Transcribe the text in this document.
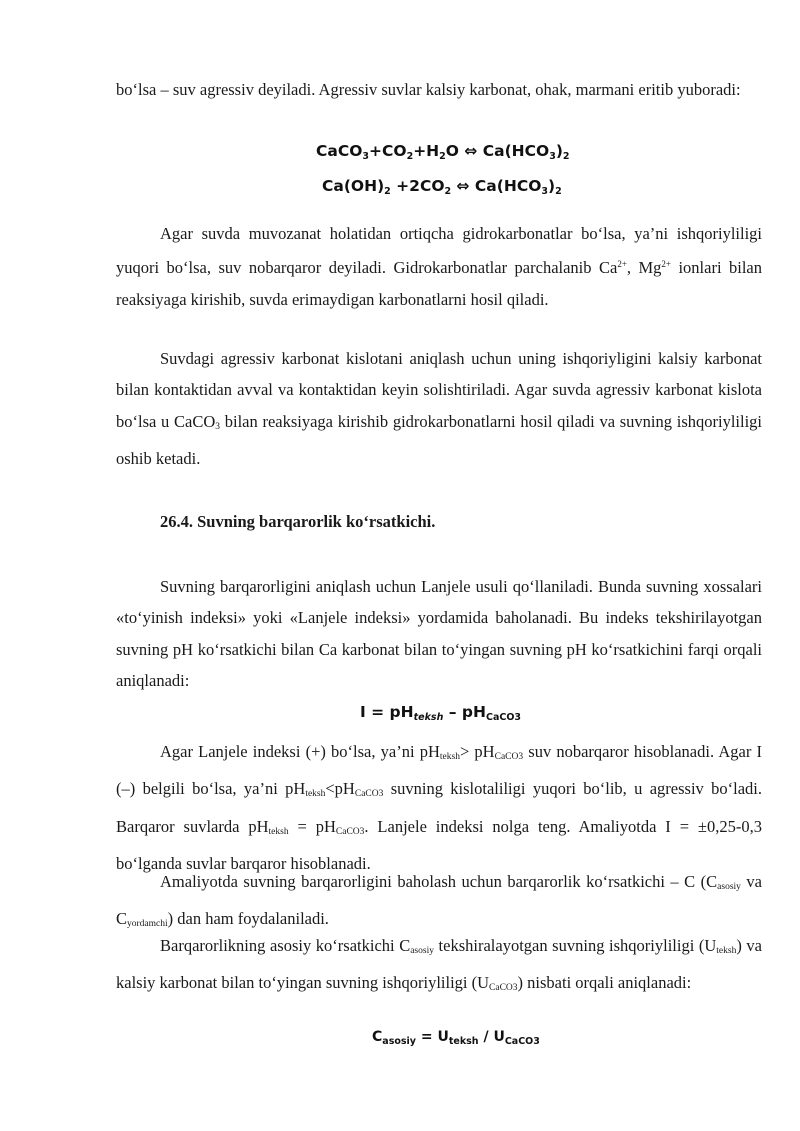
bo‘lsa – suv agressiv deyiladi. Agressiv suvlar kalsiy karbonat, ohak, marmani eritib yuboradi:

$CaCO_3+CO_2+H_2O$ ⇔ $Ca(HCO_3)_2$
$Ca(OH)_2 +2CO_2$ ⇔ $Ca(HCO_3)_2$

Agar suvda muvozanat holatidan ortiqcha gidrokarbonatlar bo‘lsa, ya’ni ishqoriyliligi yuqori bo‘lsa, suv nobarqaror deyiladi. Gidrokarbonatlar parchalanib $Ca^{2+}$, $Mg^{2+}$ ionlari bilan reaksiyaga kirishib, suvda erimaydigan karbonatlarni hosil qiladi.

Suvdagi agressiv karbonat kislotani aniqlash uchun uning ishqoriyligini kalsiy karbonat bilan kontaktidan avval va kontaktidan keyin solishtiriladi. Agar suvda agressiv karbonat kislota bo‘lsa u CaCO$_3$ bilan reaksiyaga kirishib gidrokarbonatlarni hosil qiladi va suvning ishqoriyliligi oshib ketadi.

26.4. Suvning barqarorlik ko‘rsatkichi.

Suvning barqarorligini aniqlash uchun Lanjele usuli qo‘llaniladi. Bunda suvning xossalari «to‘yinish indeksi» yoki «Lanjele indeksi» yordamida baholanadi. Bu indeks tekshirilayotgan suvning pH ko‘rsatkichi bilan Ca karbonat bilan to‘yingan suvning pH ko‘rsatkichini farqi orqali aniqlanadi:

$I = pH_{teksh} - pH_{CaCO3}$

Agar Lanjele indeksi (+) bo‘lsa, ya’ni $pH_{teksh}> pH_{CaCO3}$ suv nobarqaror hisoblanadi. Agar I (–) belgili bo‘lsa, ya’ni $pH_{teksh}<pH_{CaCO3}$ suvning kislotaliligi yuqori bo‘lib, u agressiv bo‘ladi. Barqaror suvlarda $pH_{teksh} = pH_{CaCO3}$. Lanjele indeksi nolga teng. Amaliyotda I = ±0,25-0,3 bo‘lganda suvlar barqaror hisoblanadi.

Amaliyotda suvning barqarorligini baholash uchun barqarorlik ko‘rsatkichi – C ($C_{asosiy}$ va $C_{yordamchi}$) dan ham foydalaniladi.

Barqarorlikning asosiy ko‘rsatkichi $C_{asosiy}$ tekshiralayotgan suvning ishqoriyliligi $(U_{teksh})$ va kalsiy karbonat bilan to‘yingan suvning ishqoriyliligi $(U_{CaCO3})$ nisbati orqali aniqlanadi:

$C_{asosiy} = U_{teksh} / U_{CaCO3}$
